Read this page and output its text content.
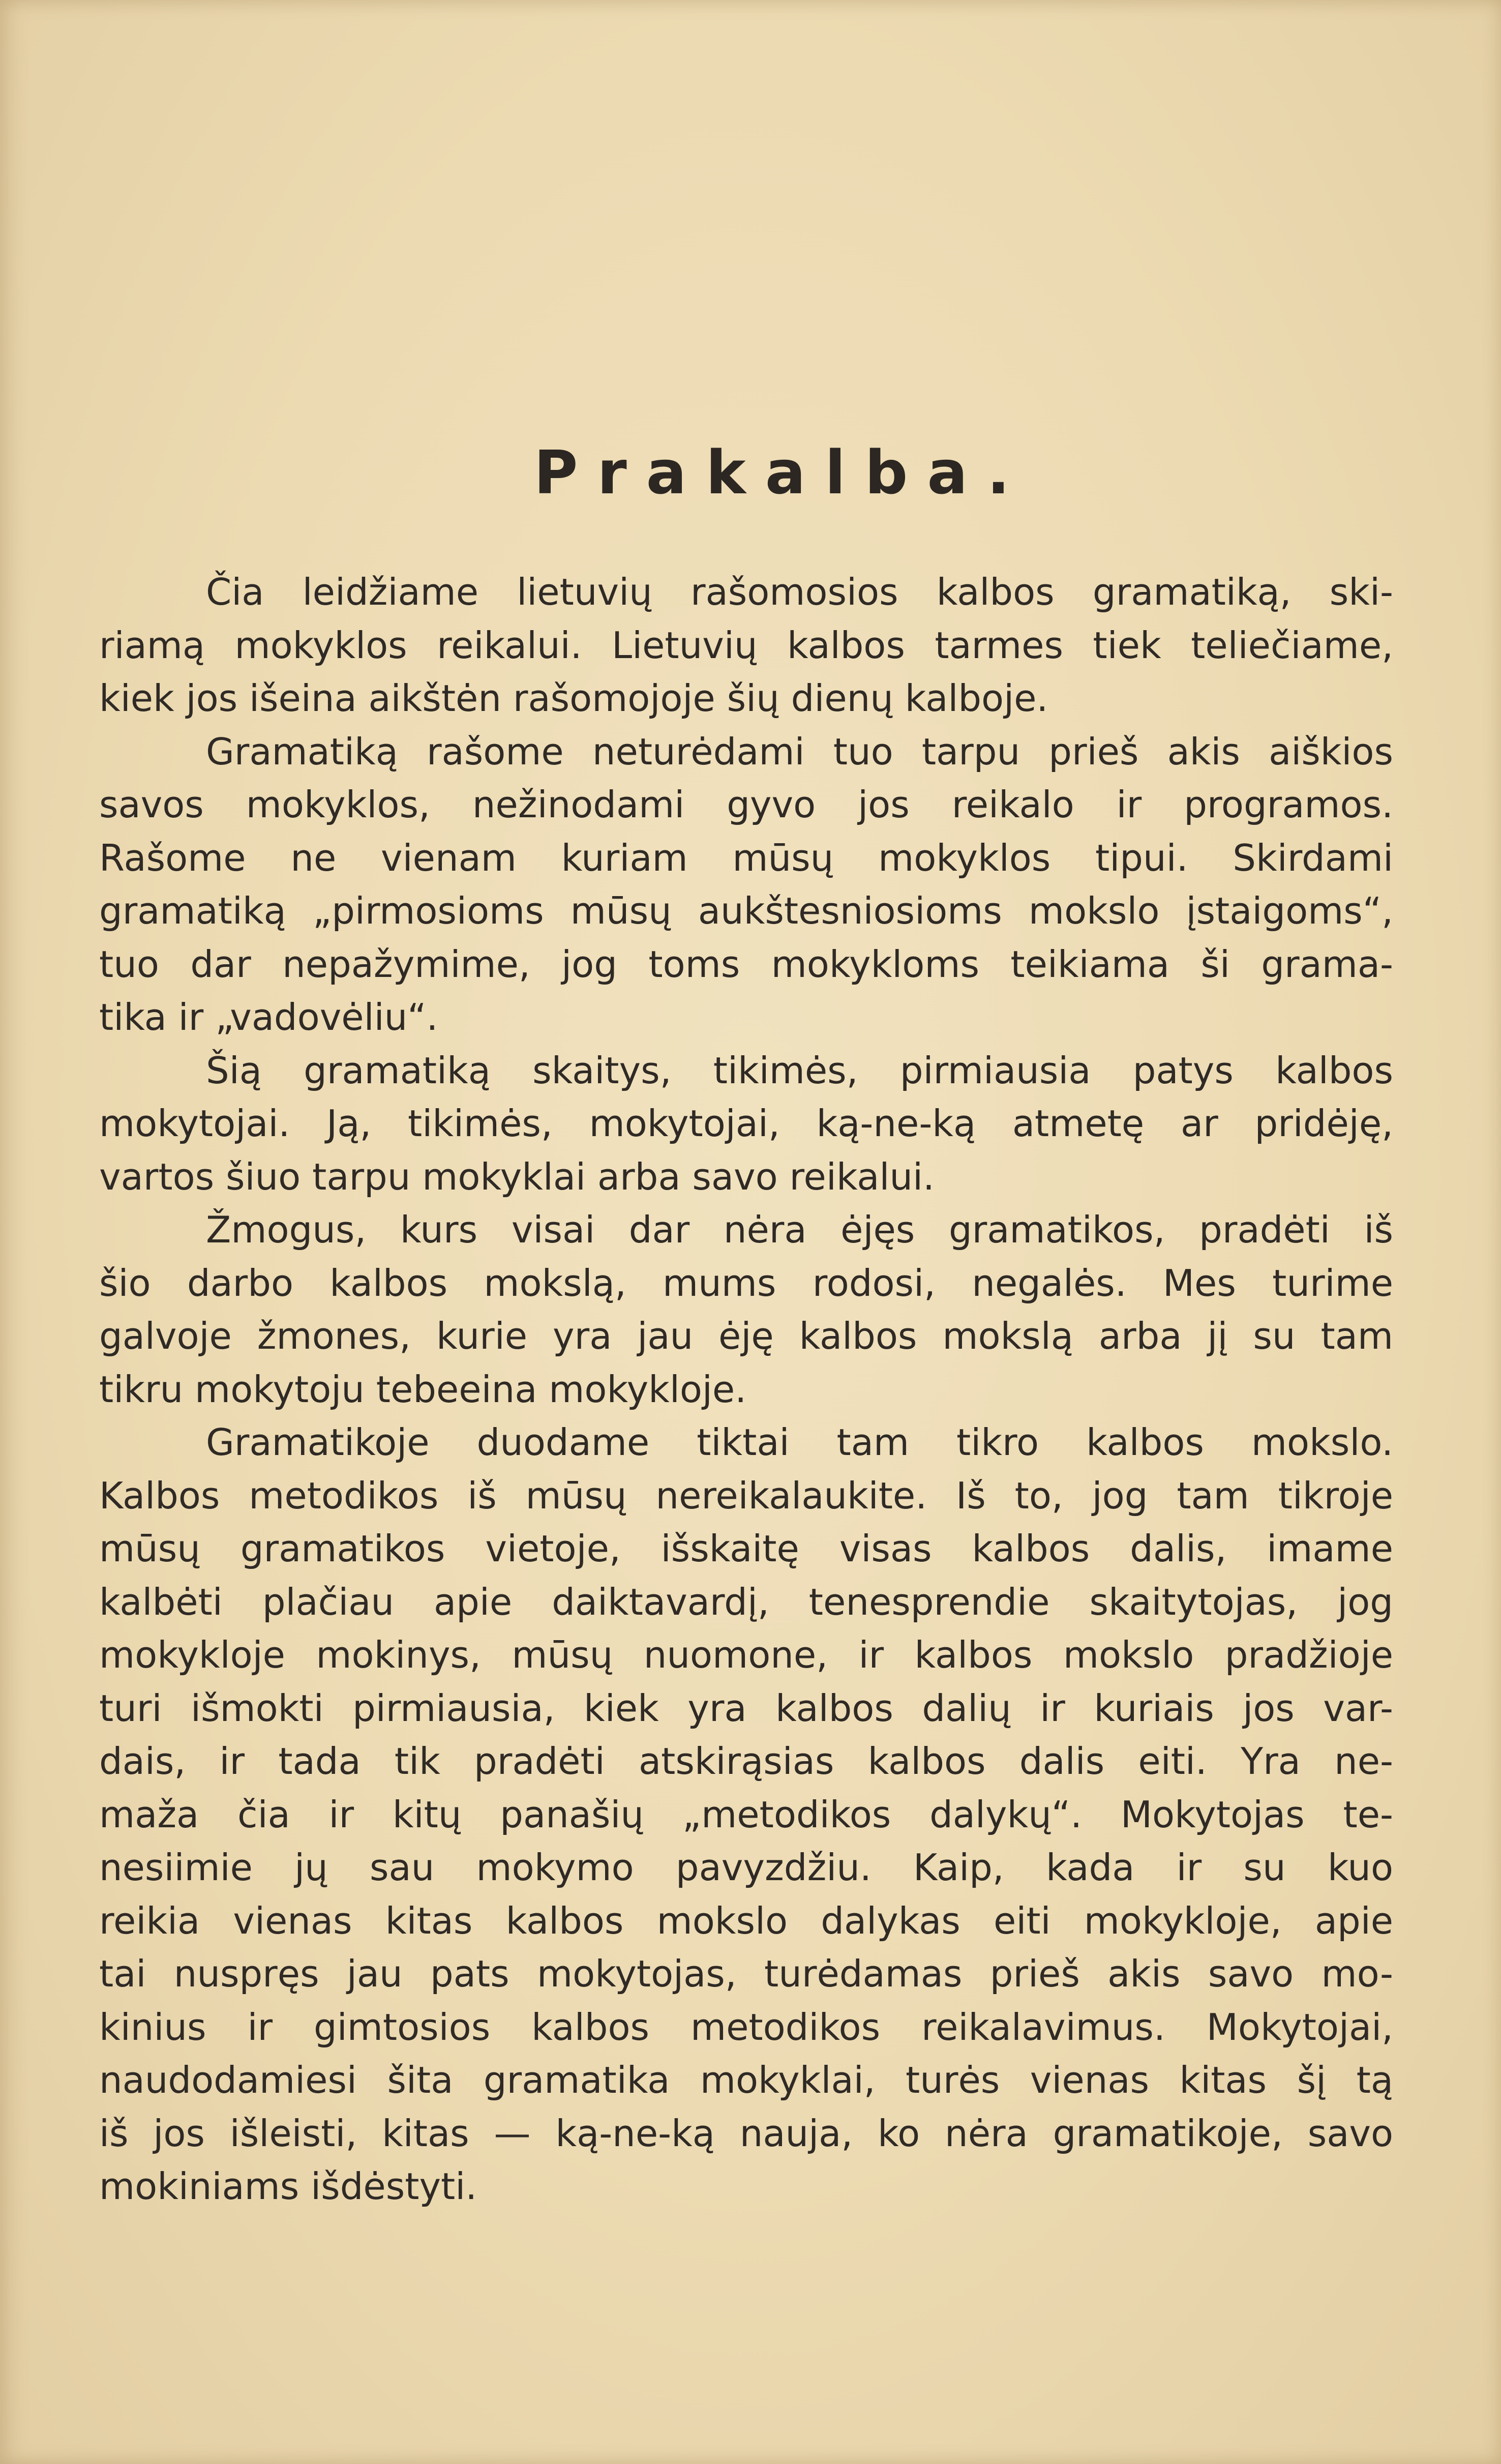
Prakalba.
Čia leidžiame lietuvių rašomosios kalbos gramatiką, ski-
riamą mokyklos reikalui. Lietuvių kalbos tarmes tiek teliečiame,
kiek jos išeina aikštėn rašomojoje šių dienų kalboje.
Gramatiką rašome neturėdami tuo tarpu prieš akis aiškios
savos mokyklos, nežinodami gyvo jos reikalo ir programos.
Rašome ne vienam kuriam mūsų mokyklos tipui. Skirdami
gramatiką „pirmosioms mūsų aukštesniosioms mokslo įstaigoms“,
tuo dar nepažymime, jog toms mokykloms teikiama ši grama-
tika ir „vadovėliu“.
Šią gramatiką skaitys, tikimės, pirmiausia patys kalbos
mokytojai. Ją, tikimės, mokytojai, ką-ne-ką atmetę ar pridėję,
vartos šiuo tarpu mokyklai arba savo reikalui.
Žmogus, kurs visai dar nėra ėjęs gramatikos, pradėti iš
šio darbo kalbos mokslą, mums rodosi, negalės. Mes turime
galvoje žmones, kurie yra jau ėję kalbos mokslą arba jį su tam
tikru mokytoju tebeeina mokykloje.
Gramatikoje duodame tiktai tam tikro kalbos mokslo.
Kalbos metodikos iš mūsų nereikalaukite. Iš to, jog tam tikroje
mūsų gramatikos vietoje, išskaitę visas kalbos dalis, imame
kalbėti plačiau apie daiktavardį, tenesprendie skaitytojas, jog
mokykloje mokinys, mūsų nuomone, ir kalbos mokslo pradžioje
turi išmokti pirmiausia, kiek yra kalbos dalių ir kuriais jos var-
dais, ir tada tik pradėti atskirąsias kalbos dalis eiti. Yra ne-
maža čia ir kitų panašių „metodikos dalykų“. Mokytojas te-
nesiimie jų sau mokymo pavyzdžiu. Kaip, kada ir su kuo
reikia vienas kitas kalbos mokslo dalykas eiti mokykloje, apie
tai nuspręs jau pats mokytojas, turėdamas prieš akis savo mo-
kinius ir gimtosios kalbos metodikos reikalavimus. Mokytojai,
naudodamiesi šita gramatika mokyklai, turės vienas kitas šį tą
iš jos išleisti, kitas — ką-ne-ką nauja, ko nėra gramatikoje, savo
mokiniams išdėstyti.
